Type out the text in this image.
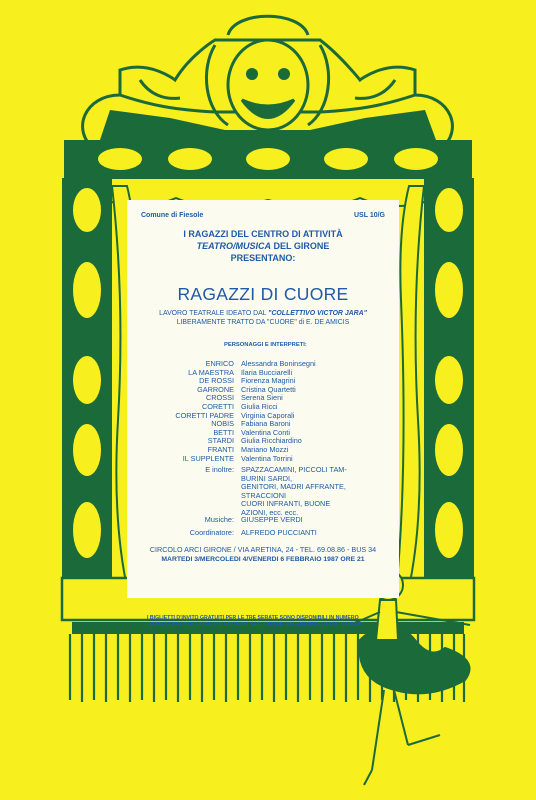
Comune di Fiesole	USL 10/G
I RAGAZZI DEL CENTRO DI ATTIVITÀ
TEATRO/MUSICA DEL GIRONE
PRESENTANO:
RAGAZZI DI CUORE
LAVORO TEATRALE IDEATO DAL "COLLETTIVO VICTOR JARA"
LIBERAMENTE TRATTO DA "CUORE" di E. DE AMICIS
PERSONAGGI E INTERPRETI:
ENRICO Alessandra Boninsegni
LA MAESTRA Ilaria Bucciarelli
DE ROSSI Fiorenza Magrini
GARRONE Cristina Quartetti
CROSSI Serena Sieni
CORETTI Giulia Ricci
CORETTI PADRE Virginia Caporali
NOBIS Fabiana Baroni
BETTI Valentina Conti
STARDI Giulia Ricchiardino
FRANTI Mariano Mozzi
IL SUPPLENTE Valentina Torrini
E inoltre: SPAZZACAMINI, PICCOLI TAM-
BURINI SARDI,
GENITORI, MADRI AFFRANTE,
STRACCIONI
CUORI INFRANTI, BUONE
AZIONI, ecc. ecc.
Musiche: GIUSEPPE VERDI
Coordinatore: ALFREDO PUCCIANTI
CIRCOLO ARCI GIRONE / VIA ARETINA, 24 - TEL. 69.08.86 - BUS 34
MARTEDI 3/MERCOLEDI 4/VENERDI 6 FEBBRAIO 1987 ORE 21
I BIGLIETTI D'INVITO GRATUITI PER LE TRE SERATE SONO DISPONIBILI IN NUMERO
LIMITATO PRESSO LA CROCE AZZURRA SEZ. GIRONE -VIA ARETINA, 24 TEL. 69.08.60
